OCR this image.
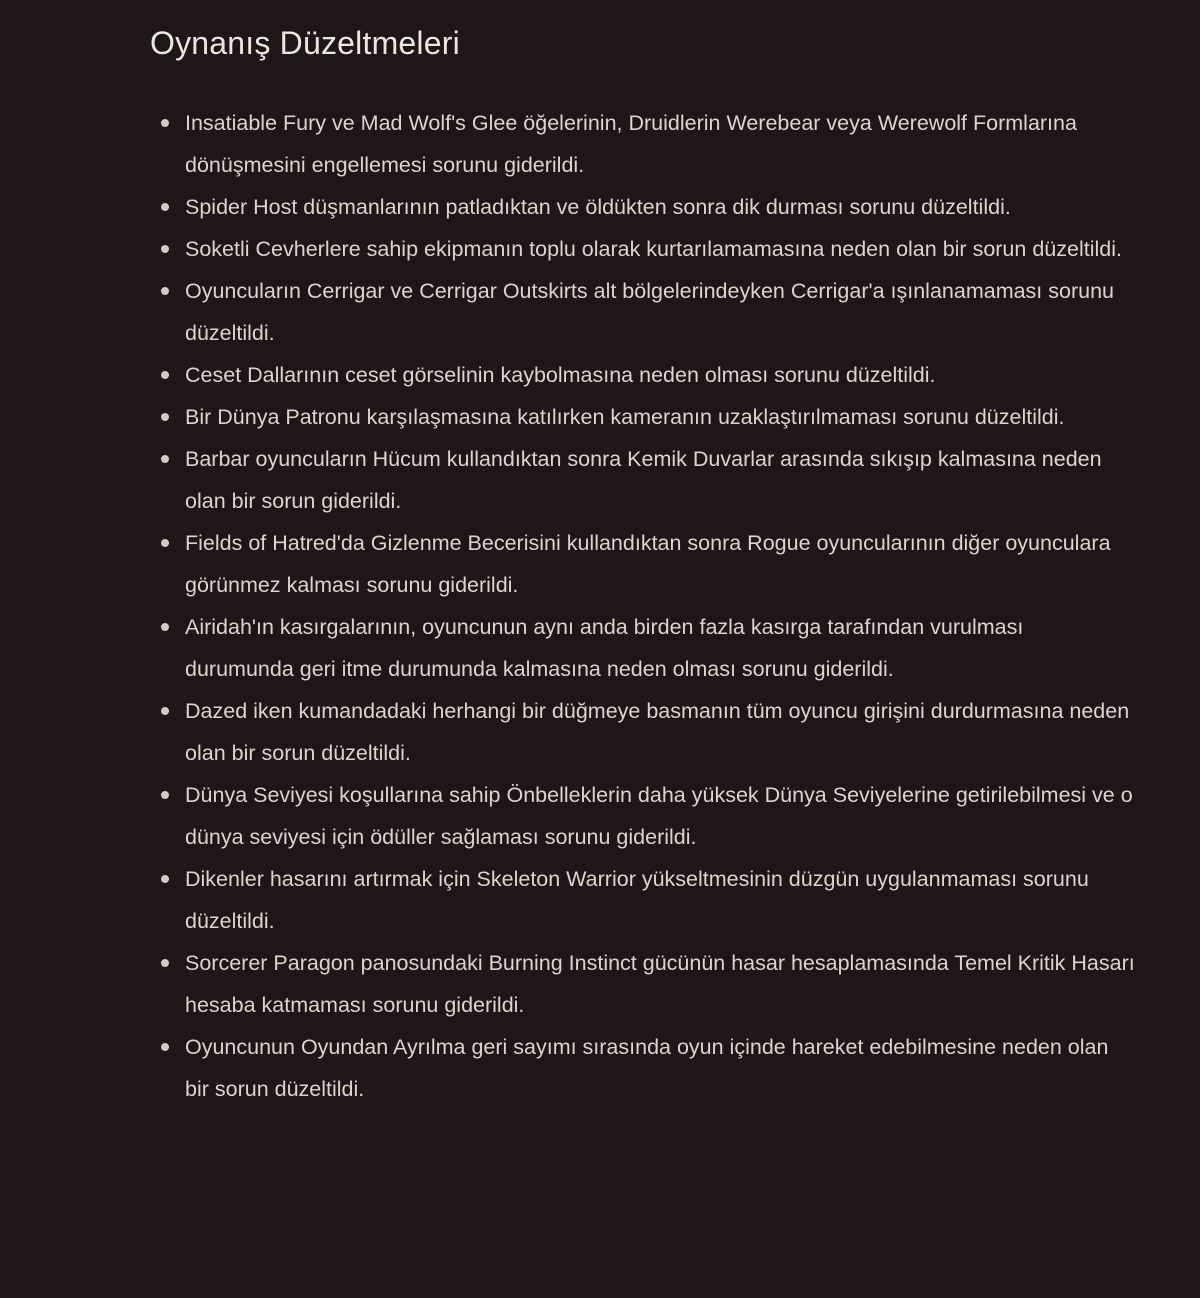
Oynanış Düzeltmeleri
Insatiable Fury ve Mad Wolf's Glee öğelerinin, Druidlerin Werebear veya Werewolf Formlarına dönüşmesini engellemesi sorunu giderildi.
Spider Host düşmanlarının patladıktan ve öldükten sonra dik durması sorunu düzeltildi.
Soketli Cevherlere sahip ekipmanın toplu olarak kurtarılamamasına neden olan bir sorun düzeltildi.
Oyuncuların Cerrigar ve Cerrigar Outskirts alt bölgelerindeyken Cerrigar'a ışınlanamaması sorunu düzeltildi.
Ceset Dallarının ceset görselinin kaybolmasına neden olması sorunu düzeltildi.
Bir Dünya Patronu karşılaşmasına katılırken kameranın uzaklaştırılmaması sorunu düzeltildi.
Barbar oyuncuların Hücum kullandıktan sonra Kemik Duvarlar arasında sıkışıp kalmasına neden olan bir sorun giderildi.
Fields of Hatred'da Gizlenme Becerisini kullandıktan sonra Rogue oyuncularının diğer oyunculara görünmez kalması sorunu giderildi.
Airidah'ın kasırgalarının, oyuncunun aynı anda birden fazla kasırga tarafından vurulması durumunda geri itme durumunda kalmasına neden olması sorunu giderildi.
Dazed iken kumandadaki herhangi bir düğmeye basmanın tüm oyuncu girişini durdurmasına neden olan bir sorun düzeltildi.
Dünya Seviyesi koşullarına sahip Önbelleklerin daha yüksek Dünya Seviyelerine getirilebilmesi ve o dünya seviyesi için ödüller sağlaması sorunu giderildi.
Dikenler hasarını artırmak için Skeleton Warrior yükseltmesinin düzgün uygulanmaması sorunu düzeltildi.
Sorcerer Paragon panosundaki Burning Instinct gücünün hasar hesaplamasında Temel Kritik Hasarı hesaba katmaması sorunu giderildi.
Oyuncunun Oyundan Ayrılma geri sayımı sırasında oyun içinde hareket edebilmesine neden olan bir sorun düzeltildi.
